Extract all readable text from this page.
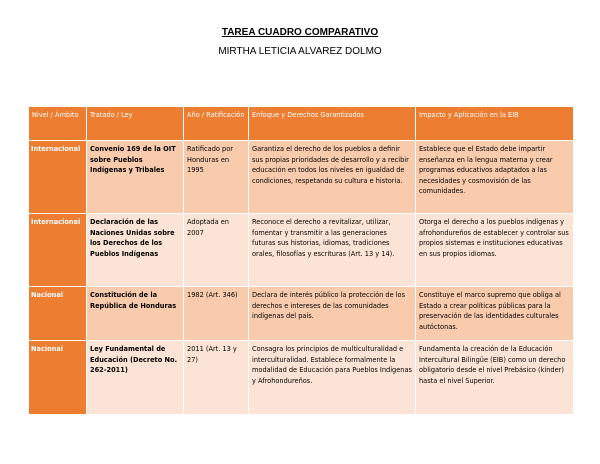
TAREA CUADRO COMPARATIVO
MIRTHA LETICIA ALVAREZ DOLMO
Nivel / Ámbito	Tratado / Ley	Año / Ratificación	Enfoque y Derechos Garantizados	Impacto y Aplicación en la EIB
Internacional	Convenio 169 de la OIT sobre Pueblos Indígenas y Tribales	Ratificado por Honduras en 1995	Garantiza el derecho de los pueblos a definir sus propias prioridades de desarrollo y a recibir educación en todos los niveles en igualdad de condiciones, respetando su cultura e historia.	Establece que el Estado debe impartir enseñanza en la lengua materna y crear programas educativos adaptados a las necesidades y cosmovisión de las comunidades.
Internacional	Declaración de las Naciones Unidas sobre los Derechos de los Pueblos Indígenas	Adoptada en 2007	Reconoce el derecho a revitalizar, utilizar, fomentar y transmitir a las generaciones futuras sus historias, idiomas, tradiciones orales, filosofías y escrituras (Art. 13 y 14).	Otorga el derecho a los pueblos indígenas y afrohondureños de establecer y controlar sus propios sistemas e instituciones educativas en sus propios idiomas.
Nacional	Constitución de la República de Honduras	1982 (Art. 346)	Declara de interés público la protección de los derechos e intereses de las comunidades indígenas del país.	Constituye el marco supremo que obliga al Estado a crear políticas públicas para la preservación de las identidades culturales autóctonas.
Nacional	Ley Fundamental de Educación (Decreto No. 262-2011)	2011 (Art. 13 y 27)	Consagra los principios de multiculturalidad e interculturalidad. Establece formalmente la modalidad de Educación para Pueblos Indígenas y Afrohondureños.	Fundamenta la creación de la Educación Intercultural Bilingüe (EIB) como un derecho obligatorio desde el nivel Prebásico (kínder) hasta el nivel Superior.
